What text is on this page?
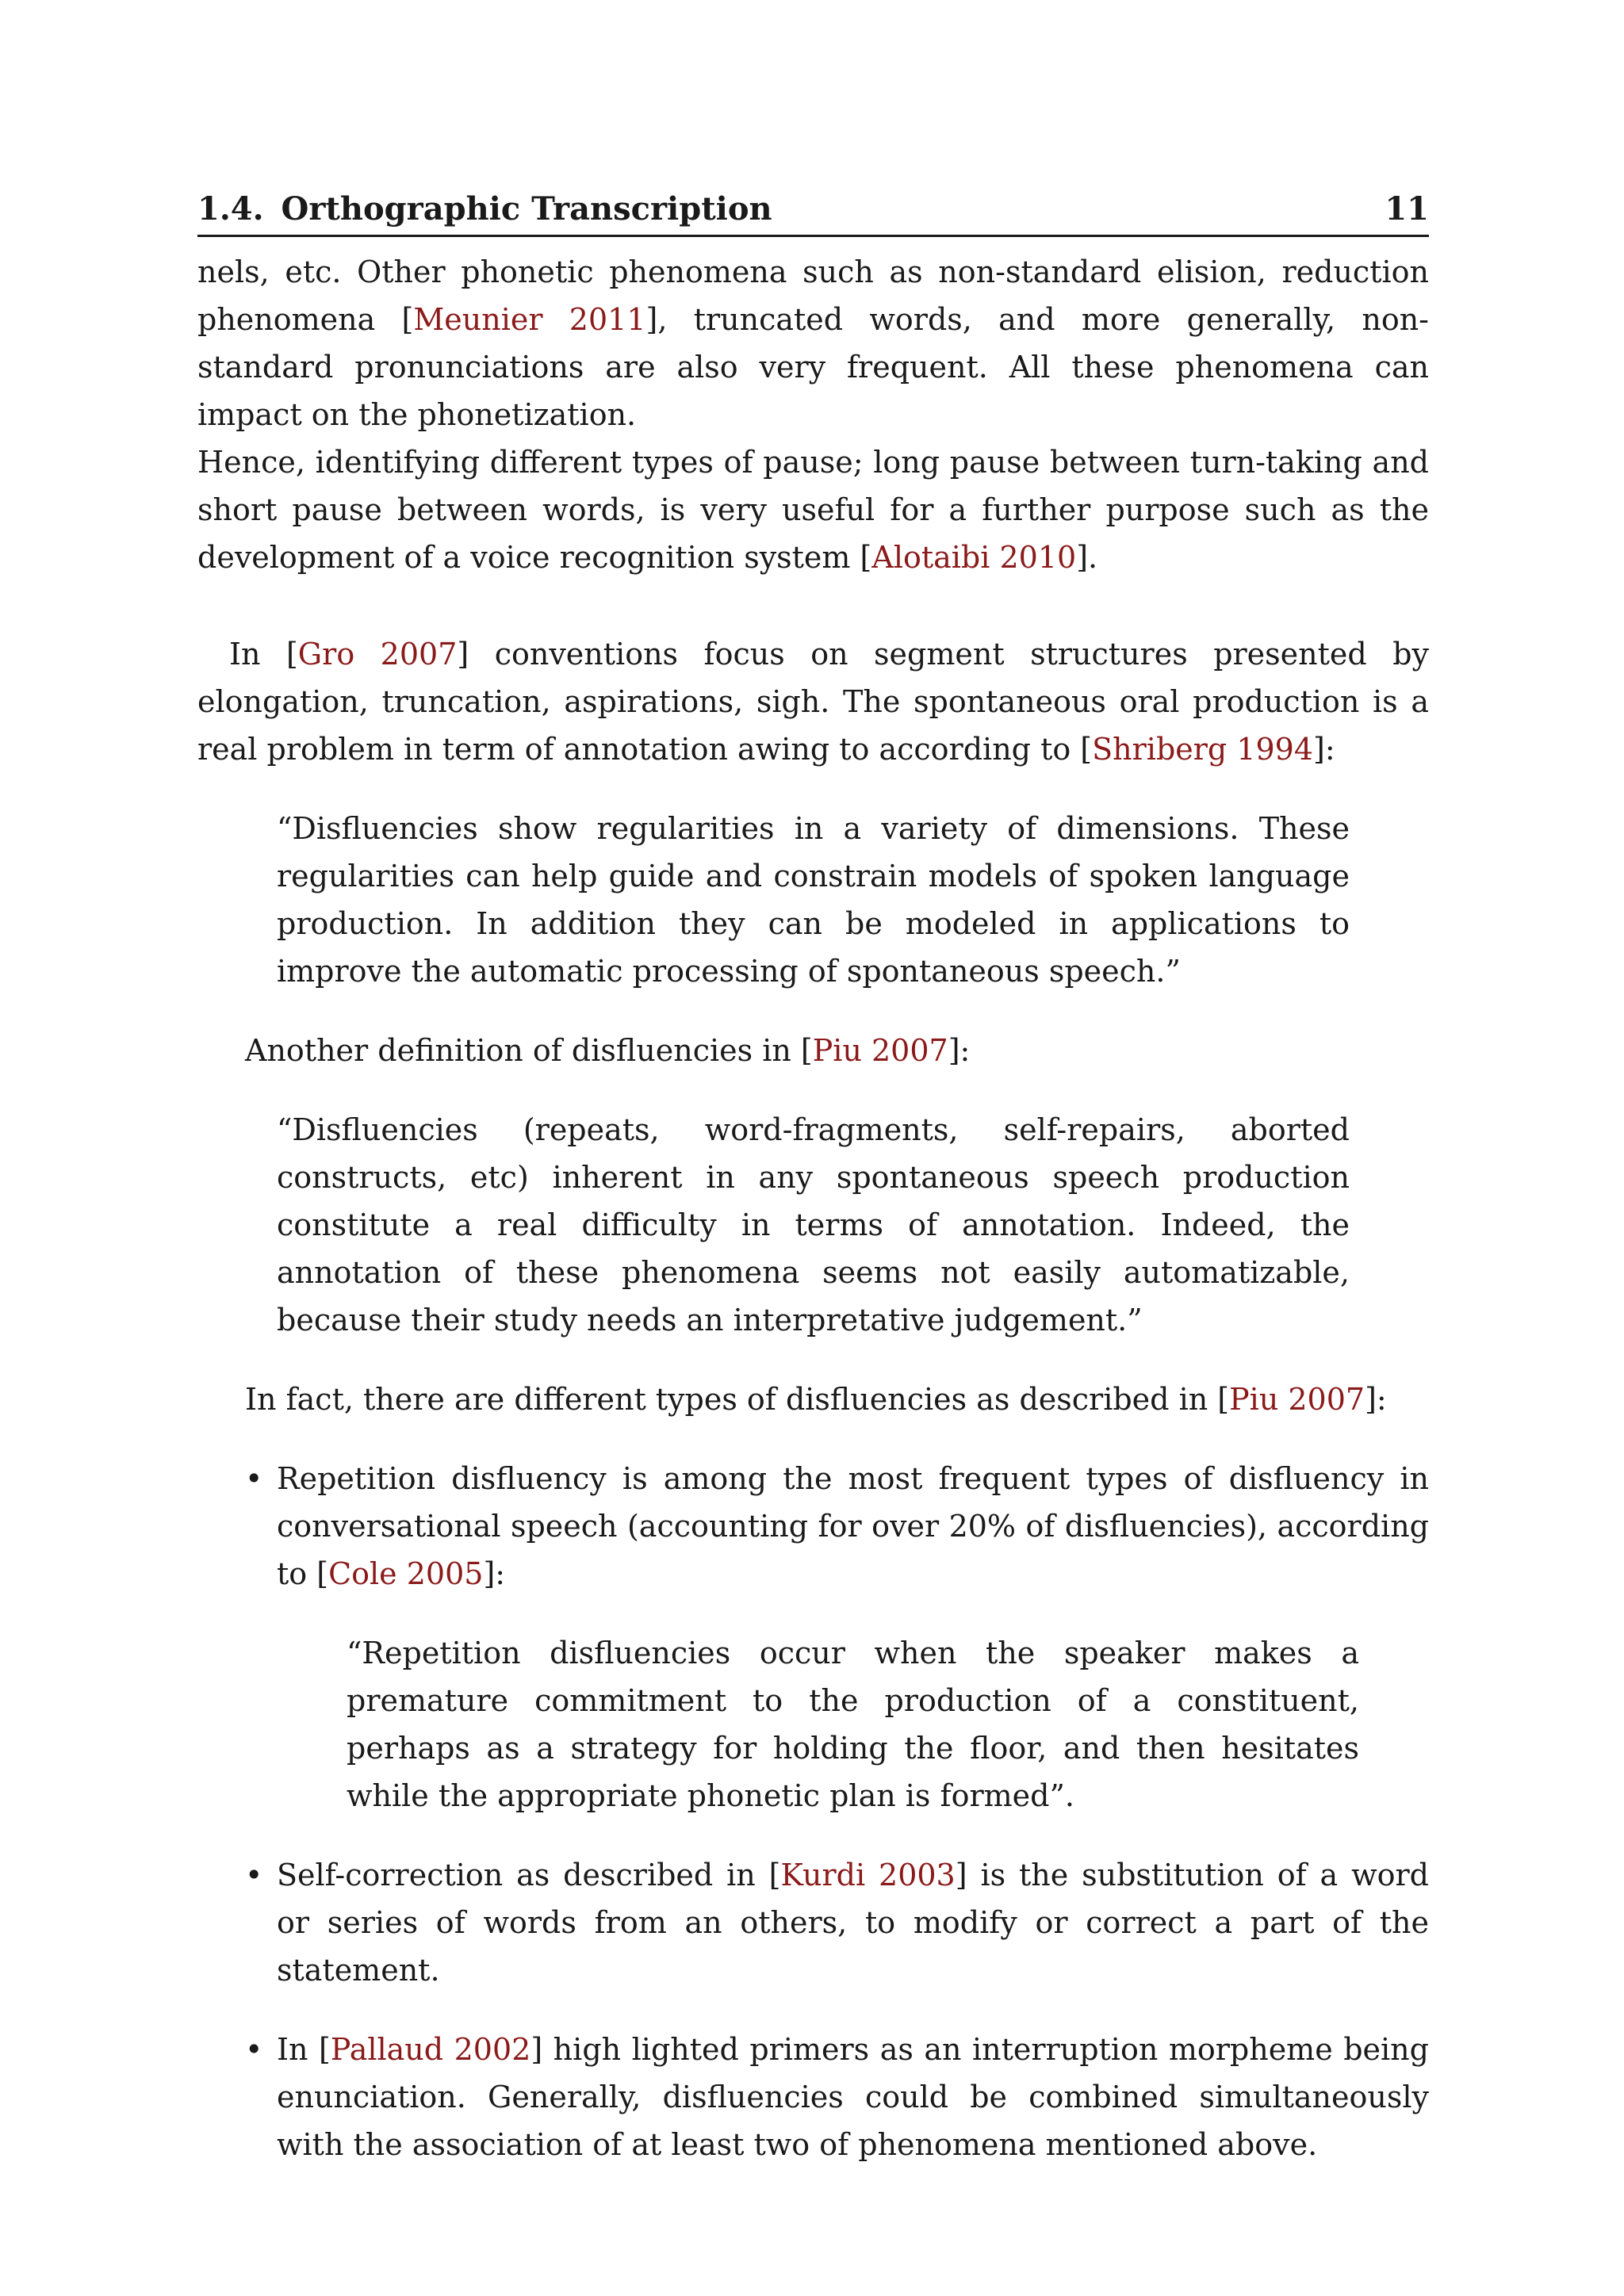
1.4. Orthographic Transcription	11

nels, etc. Other phonetic phenomena such as non-standard elision, reduction phenomena [Meunier 2011], truncated words, and more generally, non-standard pronunciations are also very frequent. All these phenomena can impact on the phonetization.

Hence, identifying different types of pause; long pause between turn-taking and short pause between words, is very useful for a further purpose such as the development of a voice recognition system [Alotaibi 2010].

In [Gro 2007] conventions focus on segment structures presented by elongation, truncation, aspirations, sigh. The spontaneous oral production is a real problem in term of annotation awing to according to [Shriberg 1994]:

“Disfluencies show regularities in a variety of dimensions. These regularities can help guide and constrain models of spoken language production. In addition they can be modeled in applications to improve the automatic processing of spontaneous speech.”

Another definition of disfluencies in [Piu 2007]:

“Disfluencies (repeats, word-fragments, self-repairs, aborted constructs, etc) inherent in any spontaneous speech production constitute a real difficulty in terms of annotation. Indeed, the annotation of these phenomena seems not easily automatizable, because their study needs an interpretative judgement.”

In fact, there are different types of disfluencies as described in [Piu 2007]:

• Repetition disfluency is among the most frequent types of disfluency in conversational speech (accounting for over 20% of disfluencies), according to [Cole 2005]:

“Repetition disfluencies occur when the speaker makes a premature commitment to the production of a constituent, perhaps as a strategy for holding the floor, and then hesitates while the appropriate phonetic plan is formed”.

• Self-correction as described in [Kurdi 2003] is the substitution of a word or series of words from an others, to modify or correct a part of the statement.
• In [Pallaud 2002] high lighted primers as an interruption morpheme being enunciation. Generally, disfluencies could be combined simultaneously with the association of at least two of phenomena mentioned above.
